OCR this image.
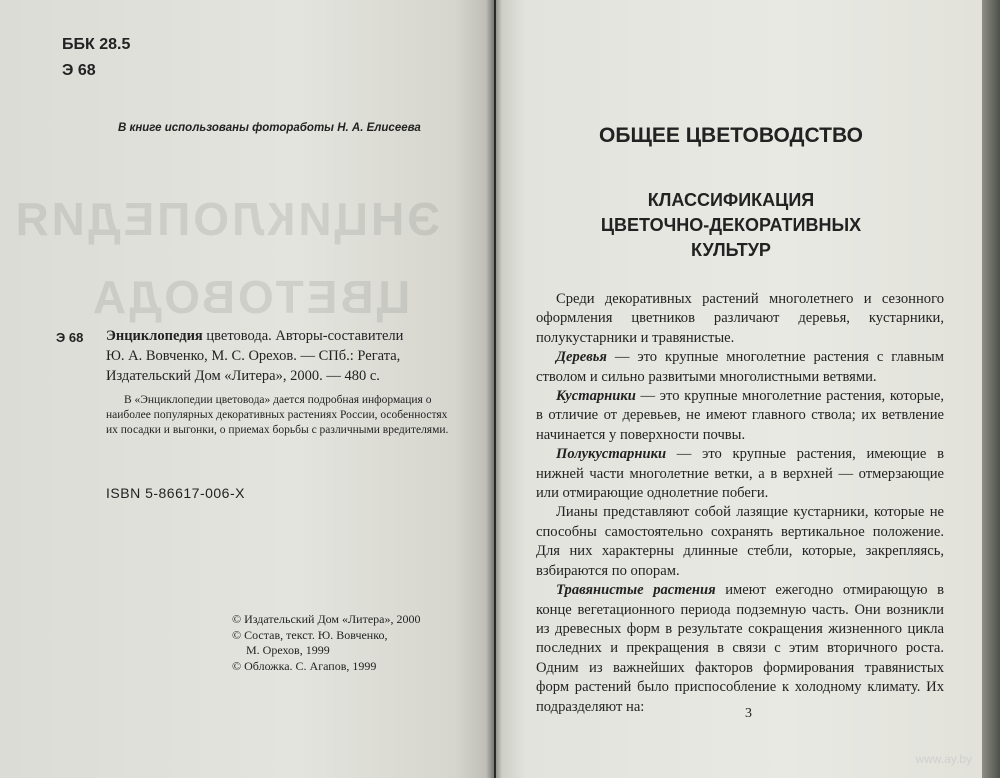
ЭНЦИКЛОПЕДИЯ
ЦВЕТОВОДА
ББК 28.5
Э 68
В книге использованы фотоработы Н. А. Елисеева
Э 68 Энциклопедия цветовода. Авторы-составители

Ю. А. Вовченко, М. С. Орехов. — СПб.: Регата,
Издательский Дом «Литера», 2000. — 480 с.

В «Энциклопедии цветовода» дается подробная информация о наиболее популярных декоративных растениях России, особенностях их посадки и выгонки, о приемах борьбы с различными вредителями.

ISBN 5-86617-006-X
© Издательский Дом «Литера», 2000
© Состав, текст. Ю. Вовченко,
М. Орехов, 1999
© Обложка. С. Агапов, 1999
ОБЩЕЕ ЦВЕТОВОДСТВО
КЛАССИФИКАЦИЯ
ЦВЕТОЧНО-ДЕКОРАТИВНЫХ
КУЛЬТУР

Среди декоративных растений многолетнего и сезонного оформления цветников различают деревья, кустарники, полукустарники и травянистые.

Деревья — это крупные многолетние растения с главным стволом и сильно развитыми многолистными ветвями.

Кустарники — это крупные многолетние растения, которые, в отличие от деревьев, не имеют главного ствола; их ветвление начинается у поверхности почвы.

Полукустарники — это крупные растения, имеющие в нижней части многолетние ветки, а в верхней — отмерзающие или отмирающие однолетние побеги.

Лианы представляют собой лазящие кустарники, которые не способны самостоятельно сохранять вертикальное положение. Для них характерны длинные стебли, которые, закрепляясь, взбираются по опорам.

Травянистые растения имеют ежегодно отмирающую в конце вегетационного периода подземную часть. Они возникли из древесных форм в результате сокращения жизненного цикла последних и прекращения в связи с этим вторичного роста. Одним из важнейших факторов формирования травянистых форм растений было приспособление к холодному климату. Их подразделяют на:	3
www.ay.by
